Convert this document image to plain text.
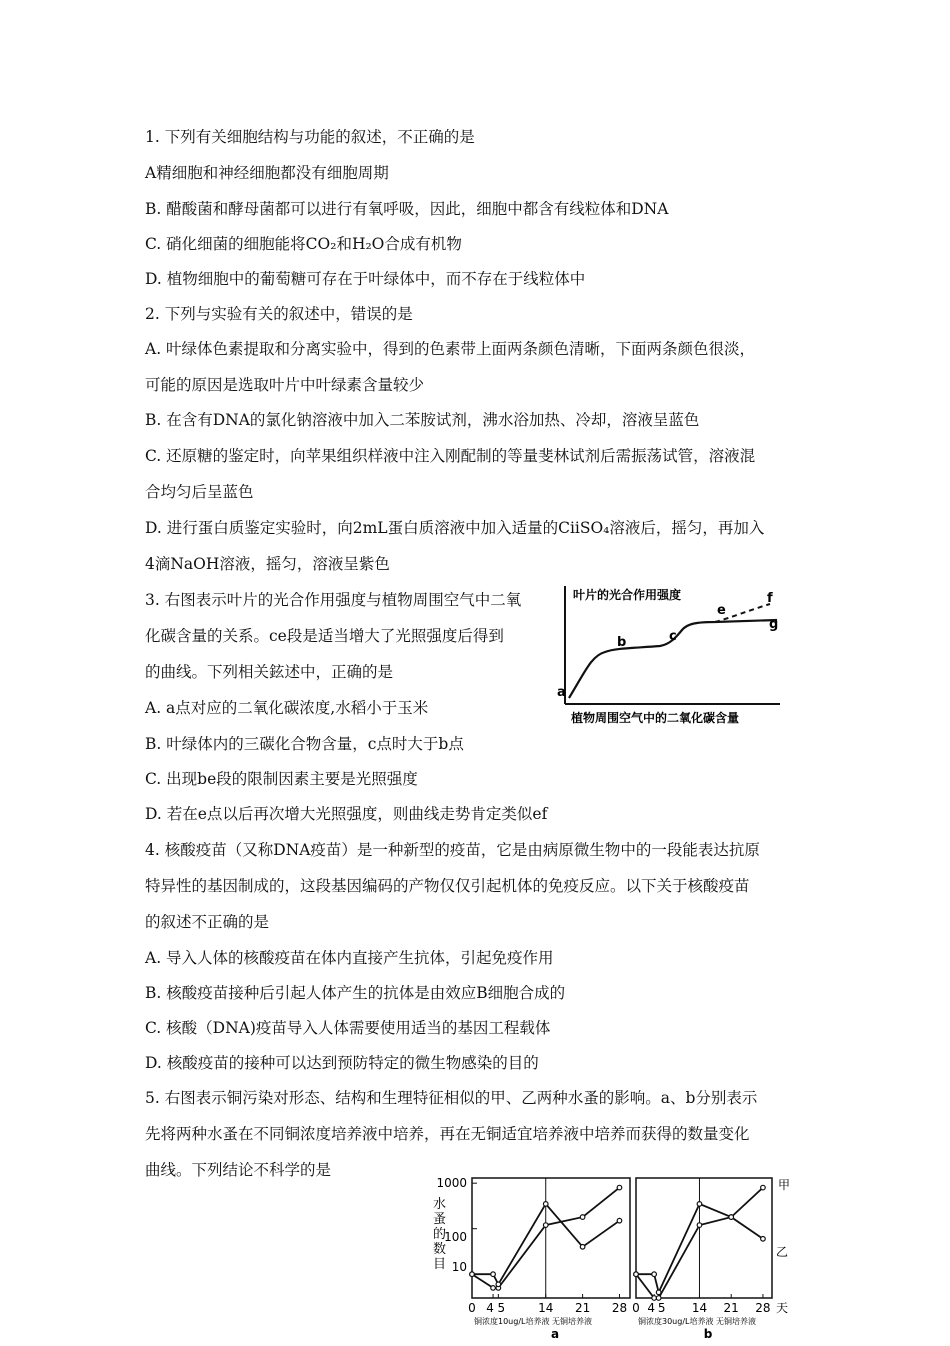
1. 下列有关细胞结构与功能的叙述，不正确的是
A精细胞和神经细胞都没有细胞周期
B. 醋酸菌和酵母菌都可以进行有氧呼吸，因此，细胞中都含有线粒体和DNA
C. 硝化细菌的细胞能将CO₂和H₂O合成有机物
D. 植物细胞中的葡萄糖可存在于叶绿体中，而不存在于线粒体中
2. 下列与实验有关的叙述中，错误的是
A. 叶绿体色素提取和分离实验中，得到的色素带上面两条颜色清晰，下面两条颜色很淡，
可能的原因是选取叶片中叶绿素含量较少
B. 在含有DNA的氯化钠溶液中加入二苯胺试剂，沸水浴加热、冷却，溶液呈蓝色
C. 还原糖的鉴定时，向苹果组织样液中注入刚配制的等量斐林试剂后需振荡试管，溶液混
合均匀后呈蓝色
D. 进行蛋白质鉴定实验时，向2mL蛋白质溶液中加入适量的CiiSO₄溶液后，摇匀，再加入
4滴NaOH溶液，摇匀，溶液呈紫色
3. 右图表示叶片的光合作用强度与植物周围空气中二氧
化碳含量的关系。ce段是适当增大了光照强度后得到
的曲线。下列相关鉉述中，正确的是
A. a点对应的二氧化碳浓度,水稻小于玉米
B. 叶绿体内的三碳化合物含量，c点时大于b点
C. 出现be段的限制因素主要是光照强度
D. 若在e点以后再次增大光照强度，则曲线走势肯定类似ef
4. 核酸疫苗（又称DNA疫苗）是一种新型的疫苗，它是由病原微生物中的一段能表达抗原
特异性的基因制成的，这段基因编码的产物仅仅引起机体的免疫反应。以下关于核酸疫苗
的叙述不正确的是
A. 导入人体的核酸疫苗在体内直接产生抗体，引起免疫作用
B. 核酸疫苗接种后引起人体产生的抗体是由效应B细胞合成的
C. 核酸（DNA)疫苗导入人体需要使用适当的基因工程载体
D. 核酸疫苗的接种可以达到预防特定的微生物感染的目的
5. 右图表示铜污染对形态、结构和生理特征相似的甲、乙两种水蚤的影响。a、b分别表示
先将两种水蚤在不同铜浓度培养液中培养，再在无铜适宜培养液中培养而获得的数量变化
曲线。下列结论不科学的是
叶片的光合作用强度
a
b	c
e
f
g
植物周围空气中的二氧化碳含量
水
蚤
的
数
目
1000
100
10
0 4 5	14 21 28
铜浓度10ug/L培养液 无铜培养液
a
0 4 5 14 21 28
铜浓度30ug/L培养液 无铜培养液
b
天
甲
乙
